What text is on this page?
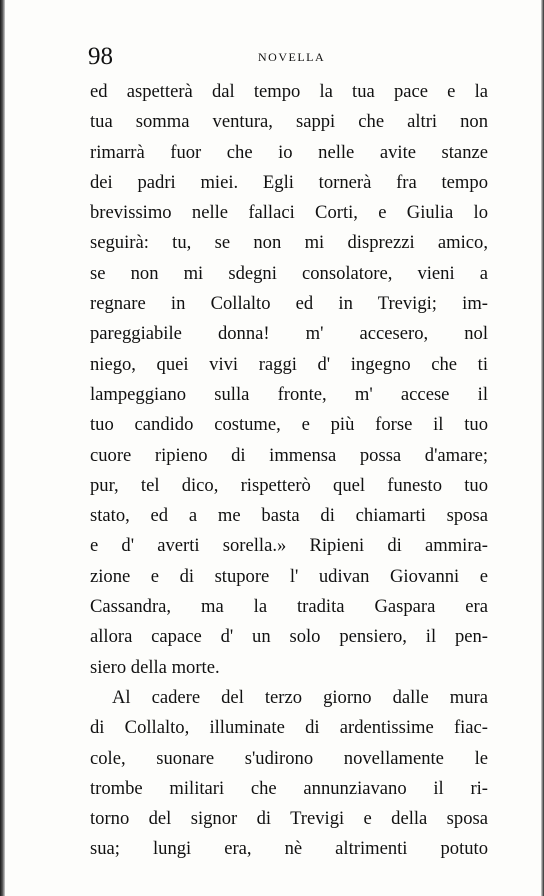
98	NOVELLA
ed aspetterà dal tempo la tua pace e la
tua somma ventura, sappi che altri non
rimarrà fuor che io nelle avite stanze
dei padri miei. Egli tornerà fra tempo
brevissimo nelle fallaci Corti, e Giulia lo
seguirà: tu, se non mi disprezzi amico,
se non mi sdegni consolatore, vieni a
regnare in Collalto ed in Trevigi; im-
pareggiabile donna! m' accesero, nol
niego, quei vivi raggi d' ingegno che ti
lampeggiano sulla fronte, m' accese il
tuo candido costume, e più forse il tuo
cuore ripieno di immensa possa d'amare;
pur, tel dico, rispetterò quel funesto tuo
stato, ed a me basta di chiamarti sposa
e d' averti sorella.» Ripieni di ammira-
zione e di stupore l' udivan Giovanni e
Cassandra, ma la tradita Gaspara era
allora capace d' un solo pensiero, il pen-
siero della morte.
Al cadere del terzo giorno dalle mura
di Collalto, illuminate di ardentissime fiac-
cole, suonare s'udirono novellamente le
trombe militari che annunziavano il ri-
torno del signor di Trevigi e della sposa
sua; lungi era, nè altrimenti potuto
